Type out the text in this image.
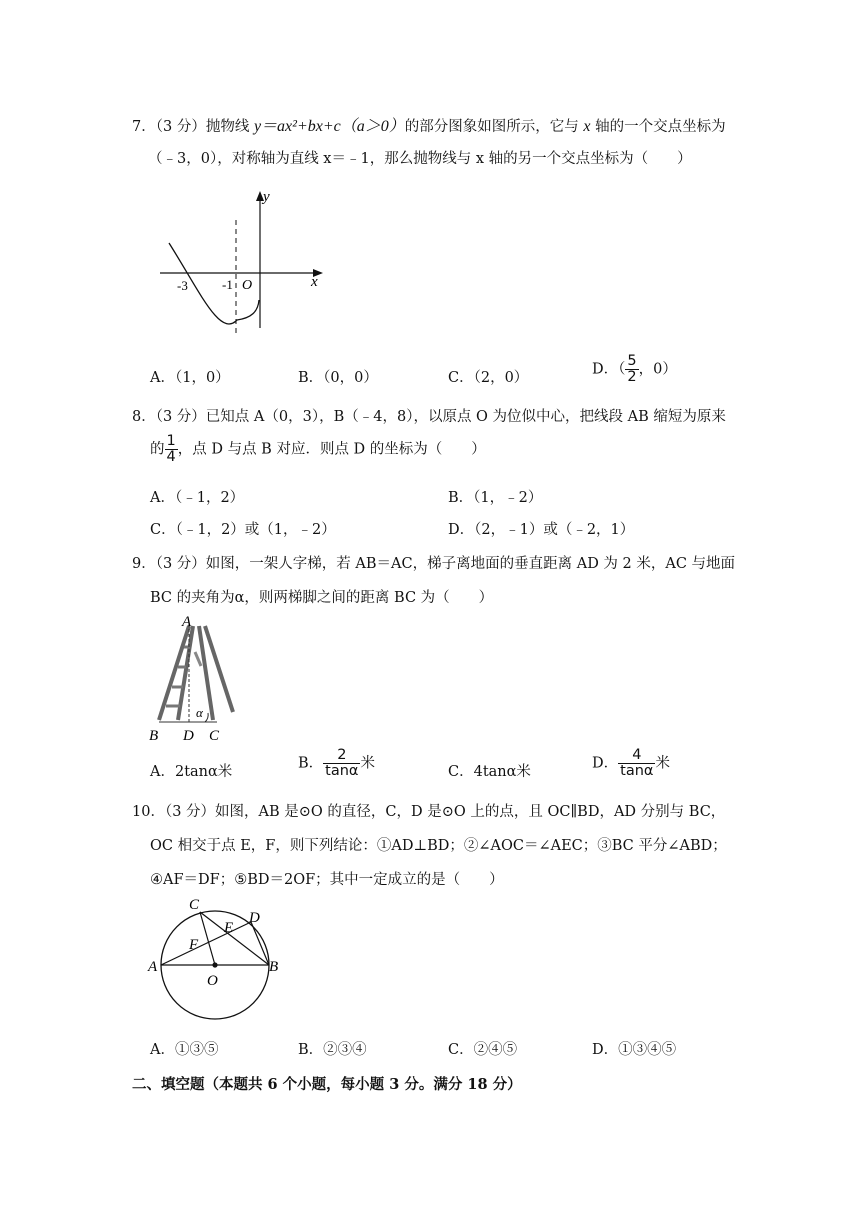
7．（3 分）抛物线 y＝ax²+bx+c（a＞0）的部分图象如图所示，它与 x 轴的一个交点坐标为
（﹣3，0），对称轴为直线 x＝﹣1，那么抛物线与 x 轴的另一个交点坐标为（　　）
y
x
O
-3	-1
A．（1，0）	B．（0，0）	C．（2，0）
D．（ $\frac{5}{2}$ ，0）
8．（3 分）已知点 A（0，3），B（﹣4，8），以原点 O 为位似中心，把线段 AB 缩短为原来
的 $\frac{1}{4}$ ，点 D 与点 B 对应．则点 D 的坐标为（　　）
A．（﹣1，2）	B．（1，﹣2）
C．（﹣1，2）或（1，﹣2）	D．（2，﹣1）或（﹣2，1）
9．（3 分）如图，一架人字梯，若 AB＝AC，梯子离地面的垂直距离 AD 为 2 米，AC 与地面
BC 的夹角为α，则两梯脚之间的距离 BC 为（　　）
A
B D C
α
A．2tanα米
B． $\frac{2}{\tan\alpha}$ 米
C．4tanα米
D． $\frac{4}{\tan\alpha}$ 米
10．（3 分）如图，AB 是⊙O 的直径，C，D 是⊙O 上的点，且 OC∥BD，AD 分别与 BC，
OC 相交于点 E，F，则下列结论：①AD⊥BD；②∠AOC＝∠AEC；③BC 平分∠ABD；
④AF＝DF；⑤BD＝2OF；其中一定成立的是（　　）
A	B
C
D
E
F
O
A．①③⑤	B．②③④	C．②④⑤	D．①③④⑤
二、填空题（本题共 6 个小题，每小题 3 分。满分 18 分）
